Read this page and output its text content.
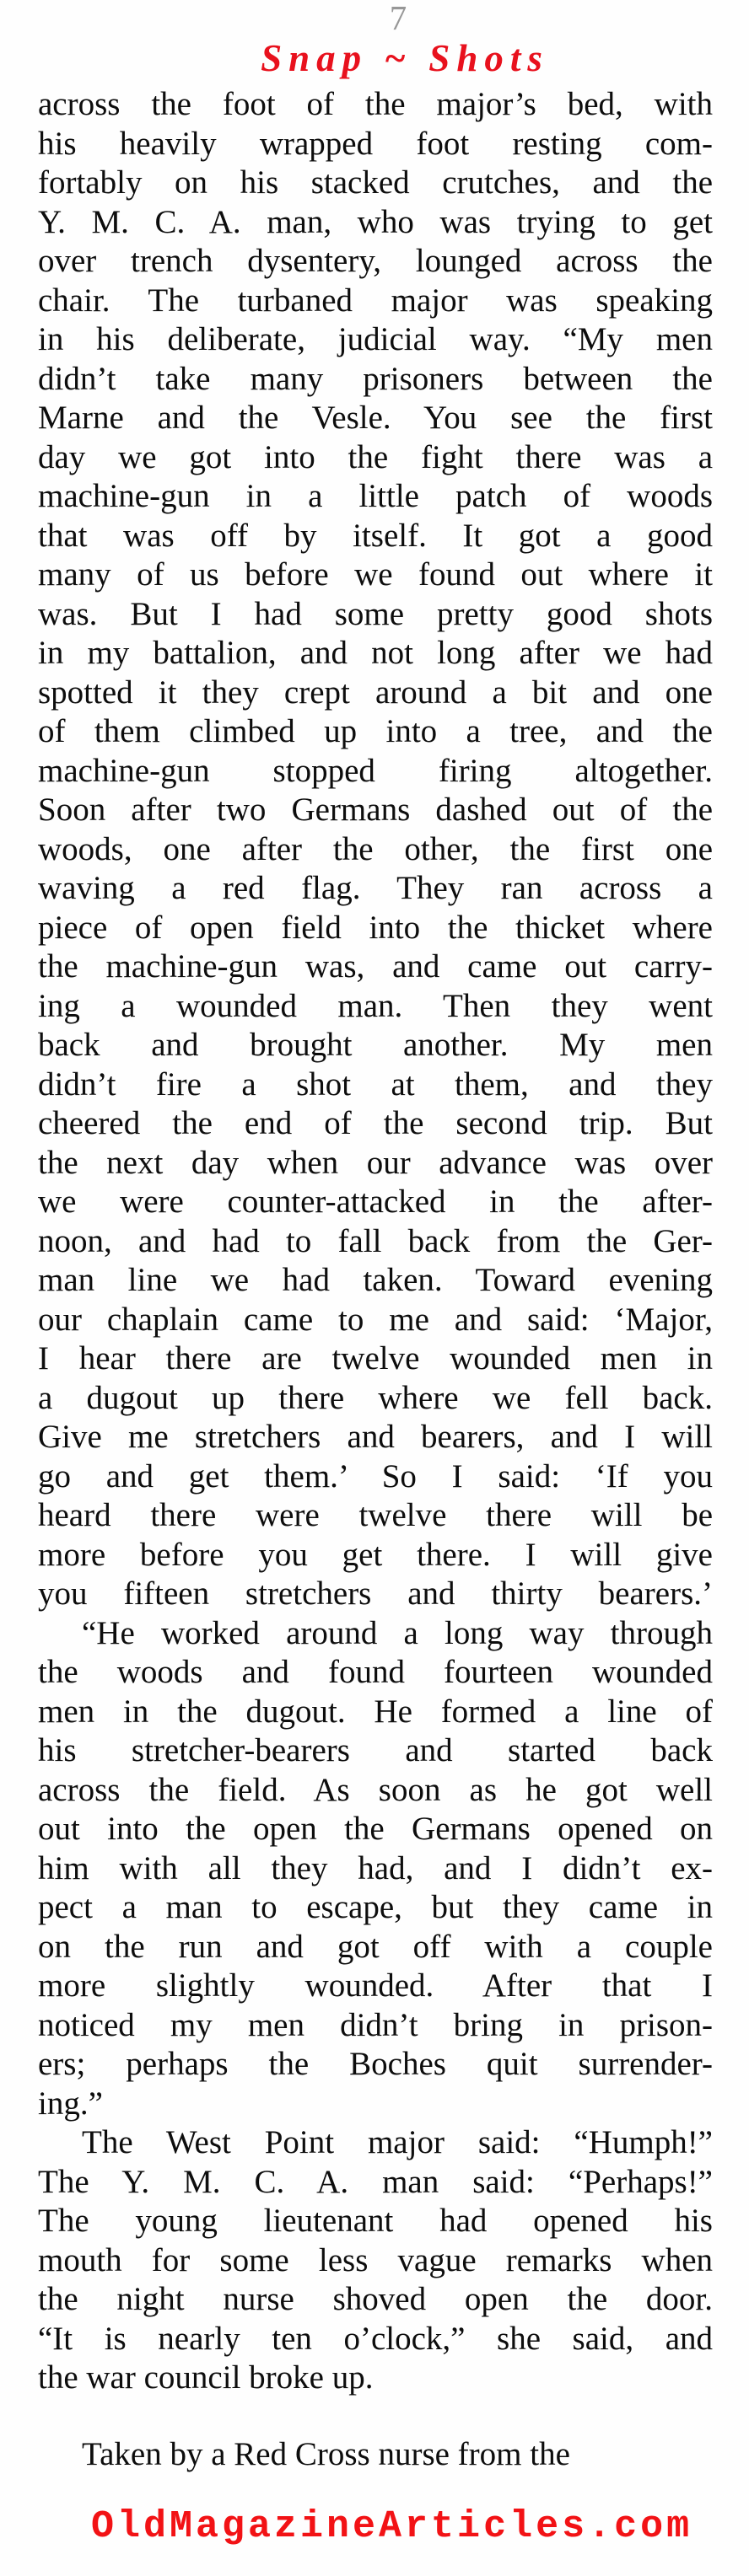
7
Snap ~ Shots
across the foot of the major’s bed, with
his heavily wrapped foot resting com-
fortably on his stacked crutches, and the
Y. M. C. A. man, who was trying to get
over trench dysentery, lounged across the
chair. The turbaned major was speaking
in his deliberate, judicial way. “My men
didn’t take many prisoners between the
Marne and the Vesle. You see the first
day we got into the fight there was a
machine-gun in a little patch of woods
that was off by itself. It got a good
many of us before we found out where it
was. But I had some pretty good shots
in my battalion, and not long after we had
spotted it they crept around a bit and one
of them climbed up into a tree, and the
machine-gun stopped firing altogether.
Soon after two Germans dashed out of the
woods, one after the other, the first one
waving a red flag. They ran across a
piece of open field into the thicket where
the machine-gun was, and came out carry-
ing a wounded man. Then they went
back and brought another. My men
didn’t fire a shot at them, and they
cheered the end of the second trip. But
the next day when our advance was over
we were counter-attacked in the after-
noon, and had to fall back from the Ger-
man line we had taken. Toward evening
our chaplain came to me and said: ‘Major,
I hear there are twelve wounded men in
a dugout up there where we fell back.
Give me stretchers and bearers, and I will
go and get them.’ So I said: ‘If you
heard there were twelve there will be
more before you get there. I will give
you fifteen stretchers and thirty bearers.’
“He worked around a long way through
the woods and found fourteen wounded
men in the dugout. He formed a line of
his stretcher-bearers and started back
across the field. As soon as he got well
out into the open the Germans opened on
him with all they had, and I didn’t ex-
pect a man to escape, but they came in
on the run and got off with a couple
more slightly wounded. After that I
noticed my men didn’t bring in prison-
ers; perhaps the Boches quit surrender-
ing.”
The West Point major said: “Humph!”
The Y. M. C. A. man said: “Perhaps!”
The young lieutenant had opened his
mouth for some less vague remarks when
the night nurse shoved open the door.
“It is nearly ten o’clock,” she said, and
the war council broke up.
Taken by a Red Cross nurse from the
OldMagazineArticles.com
